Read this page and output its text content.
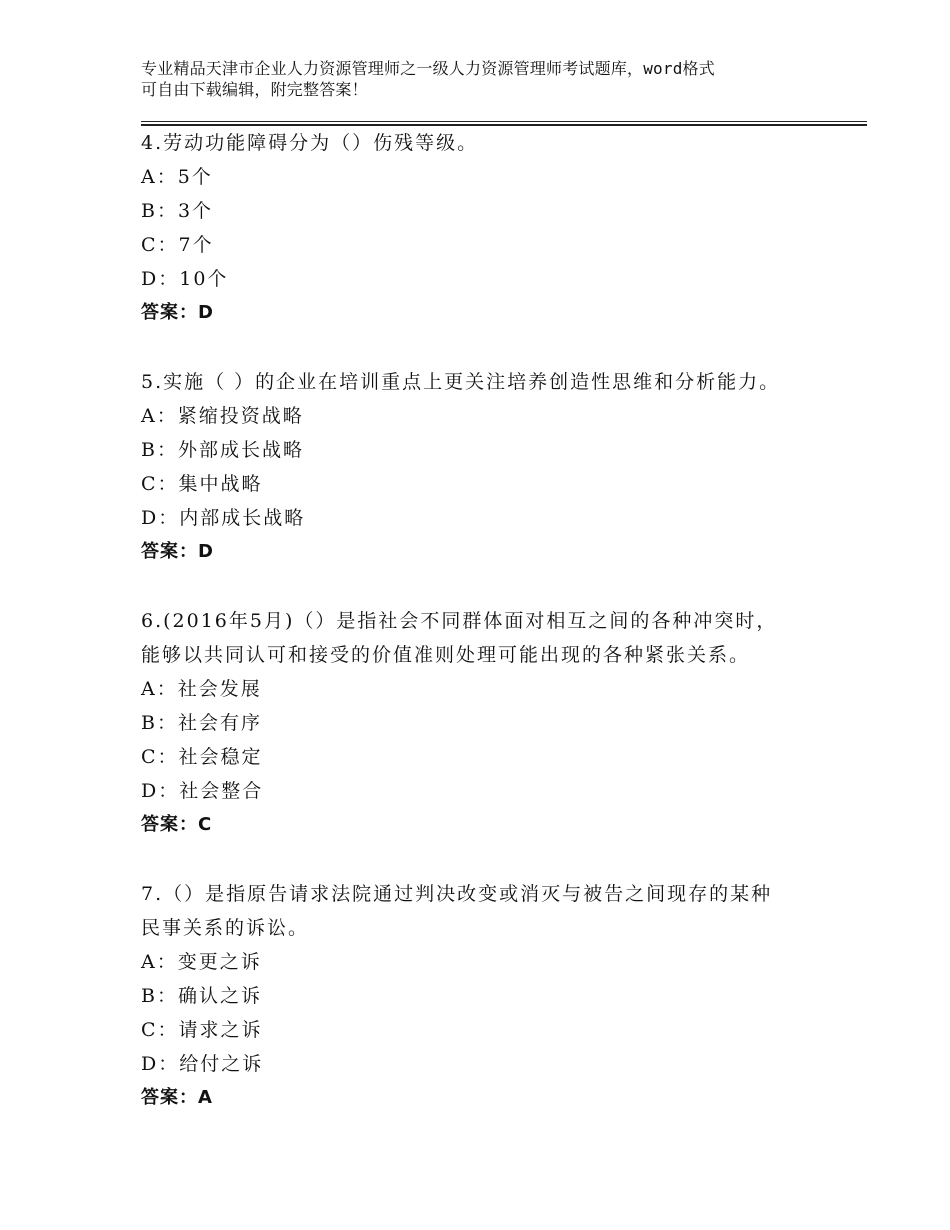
专业精品天津市企业人力资源管理师之一级人力资源管理师考试题库，word格式
可自由下载编辑，附完整答案！
4.劳动功能障碍分为（）伤残等级。
A：5个
B：3个
C：7个
D：10个
答案：D
5.实施（ ）的企业在培训重点上更关注培养创造性思维和分析能力。
A：紧缩投资战略
B：外部成长战略
C：集中战略
D：内部成长战略
答案：D
6.(2016年5月)（）是指社会不同群体面对相互之间的各种冲突时，
能够以共同认可和接受的价值准则处理可能出现的各种紧张关系。
A：社会发展
B：社会有序
C：社会稳定
D：社会整合
答案：C
7.（）是指原告请求法院通过判决改变或消灭与被告之间现存的某种
民事关系的诉讼。
A：变更之诉
B：确认之诉
C：请求之诉
D：给付之诉
答案：A
